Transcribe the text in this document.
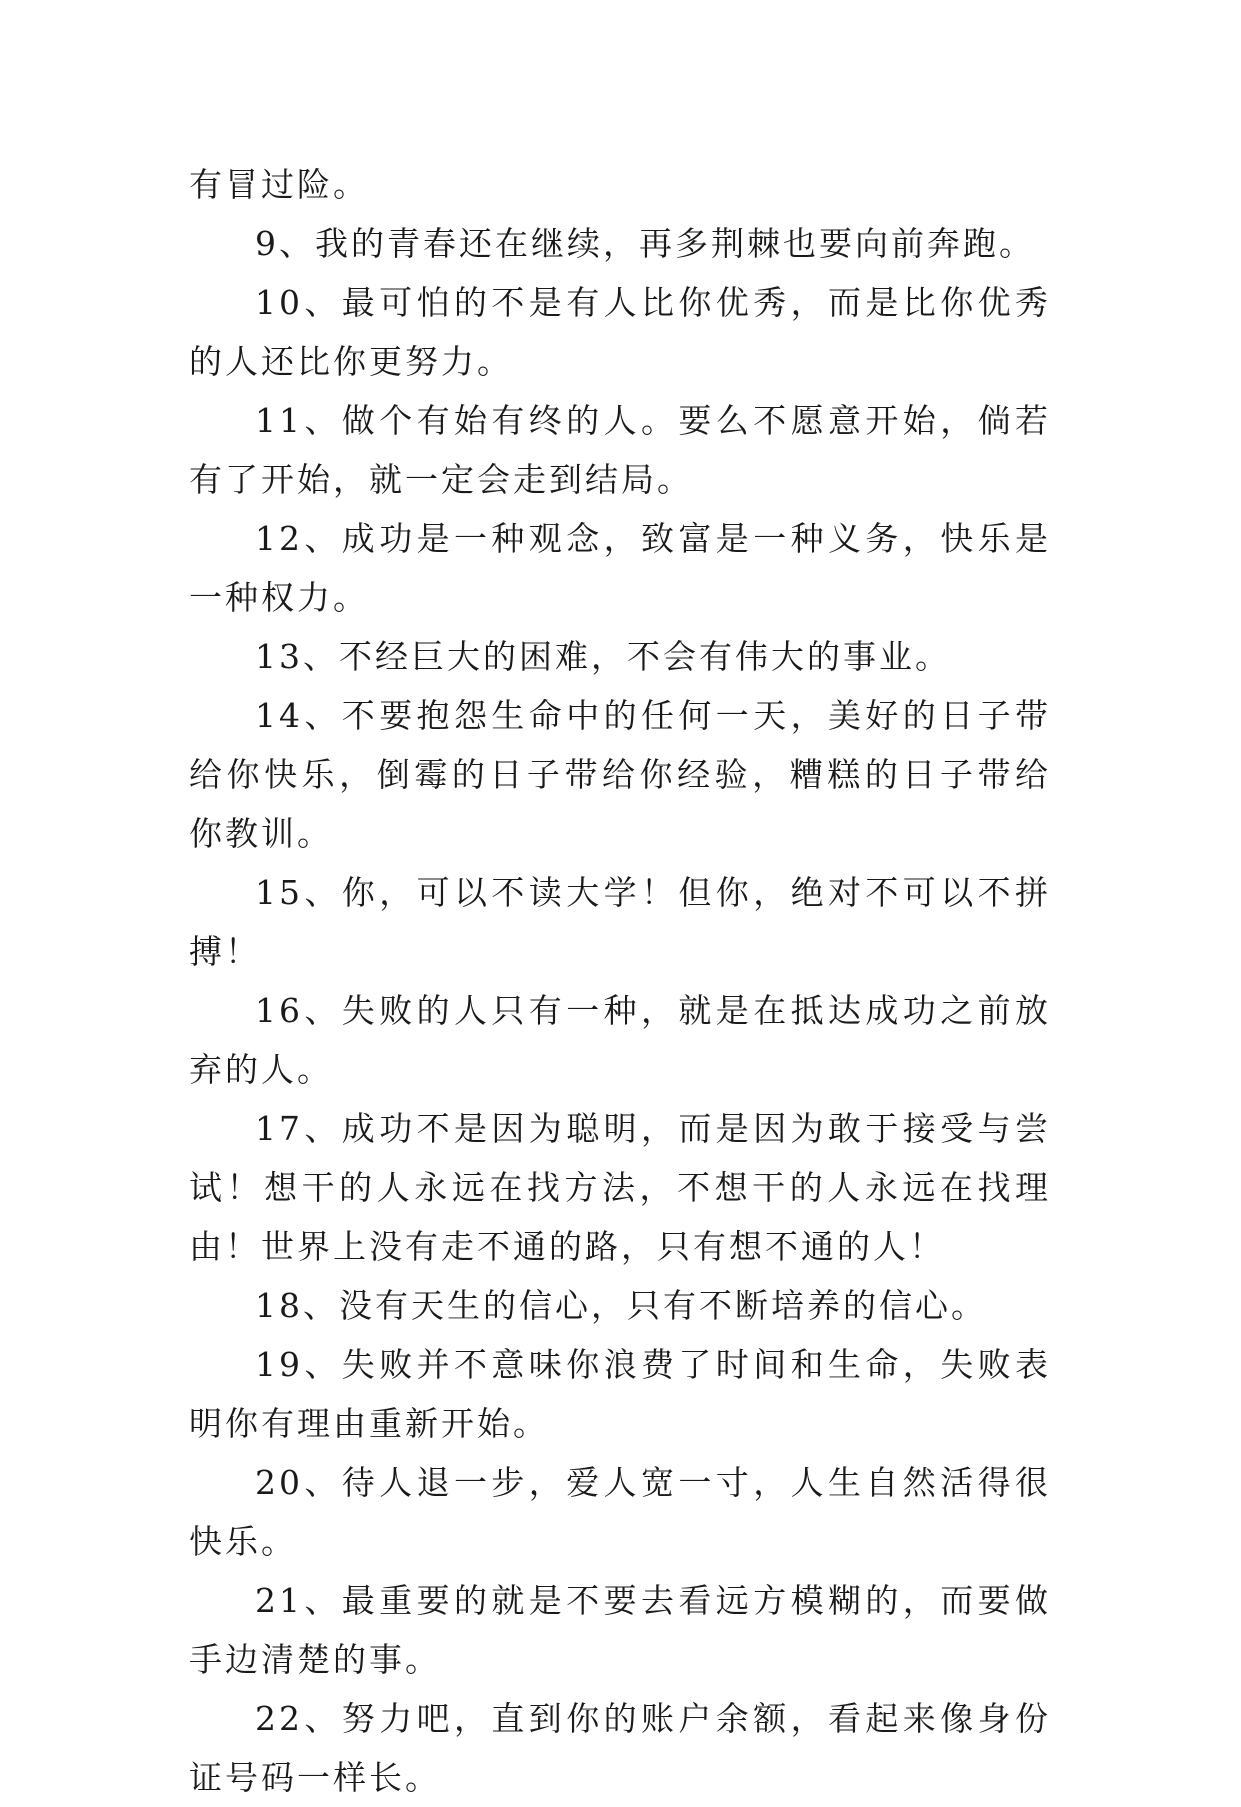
有冒过险。

9、我的青春还在继续，再多荆棘也要向前奔跑。

10、最可怕的不是有人比你优秀，而是比你优秀的人还比你更努力。

11、做个有始有终的人。要么不愿意开始，倘若有了开始，就一定会走到结局。

12、成功是一种观念，致富是一种义务，快乐是一种权力。

13、不经巨大的困难，不会有伟大的事业。

14、不要抱怨生命中的任何一天，美好的日子带给你快乐，倒霉的日子带给你经验，糟糕的日子带给你教训。

15、你，可以不读大学！但你，绝对不可以不拼搏！

16、失败的人只有一种，就是在抵达成功之前放弃的人。

17、成功不是因为聪明，而是因为敢于接受与尝试！想干的人永远在找方法，不想干的人永远在找理由！世界上没有走不通的路，只有想不通的人！

18、没有天生的信心，只有不断培养的信心。

19、失败并不意味你浪费了时间和生命，失败表明你有理由重新开始。

20、待人退一步，爱人宽一寸，人生自然活得很快乐。

21、最重要的就是不要去看远方模糊的，而要做手边清楚的事。

22、努力吧，直到你的账户余额，看起来像身份证号码一样长。
